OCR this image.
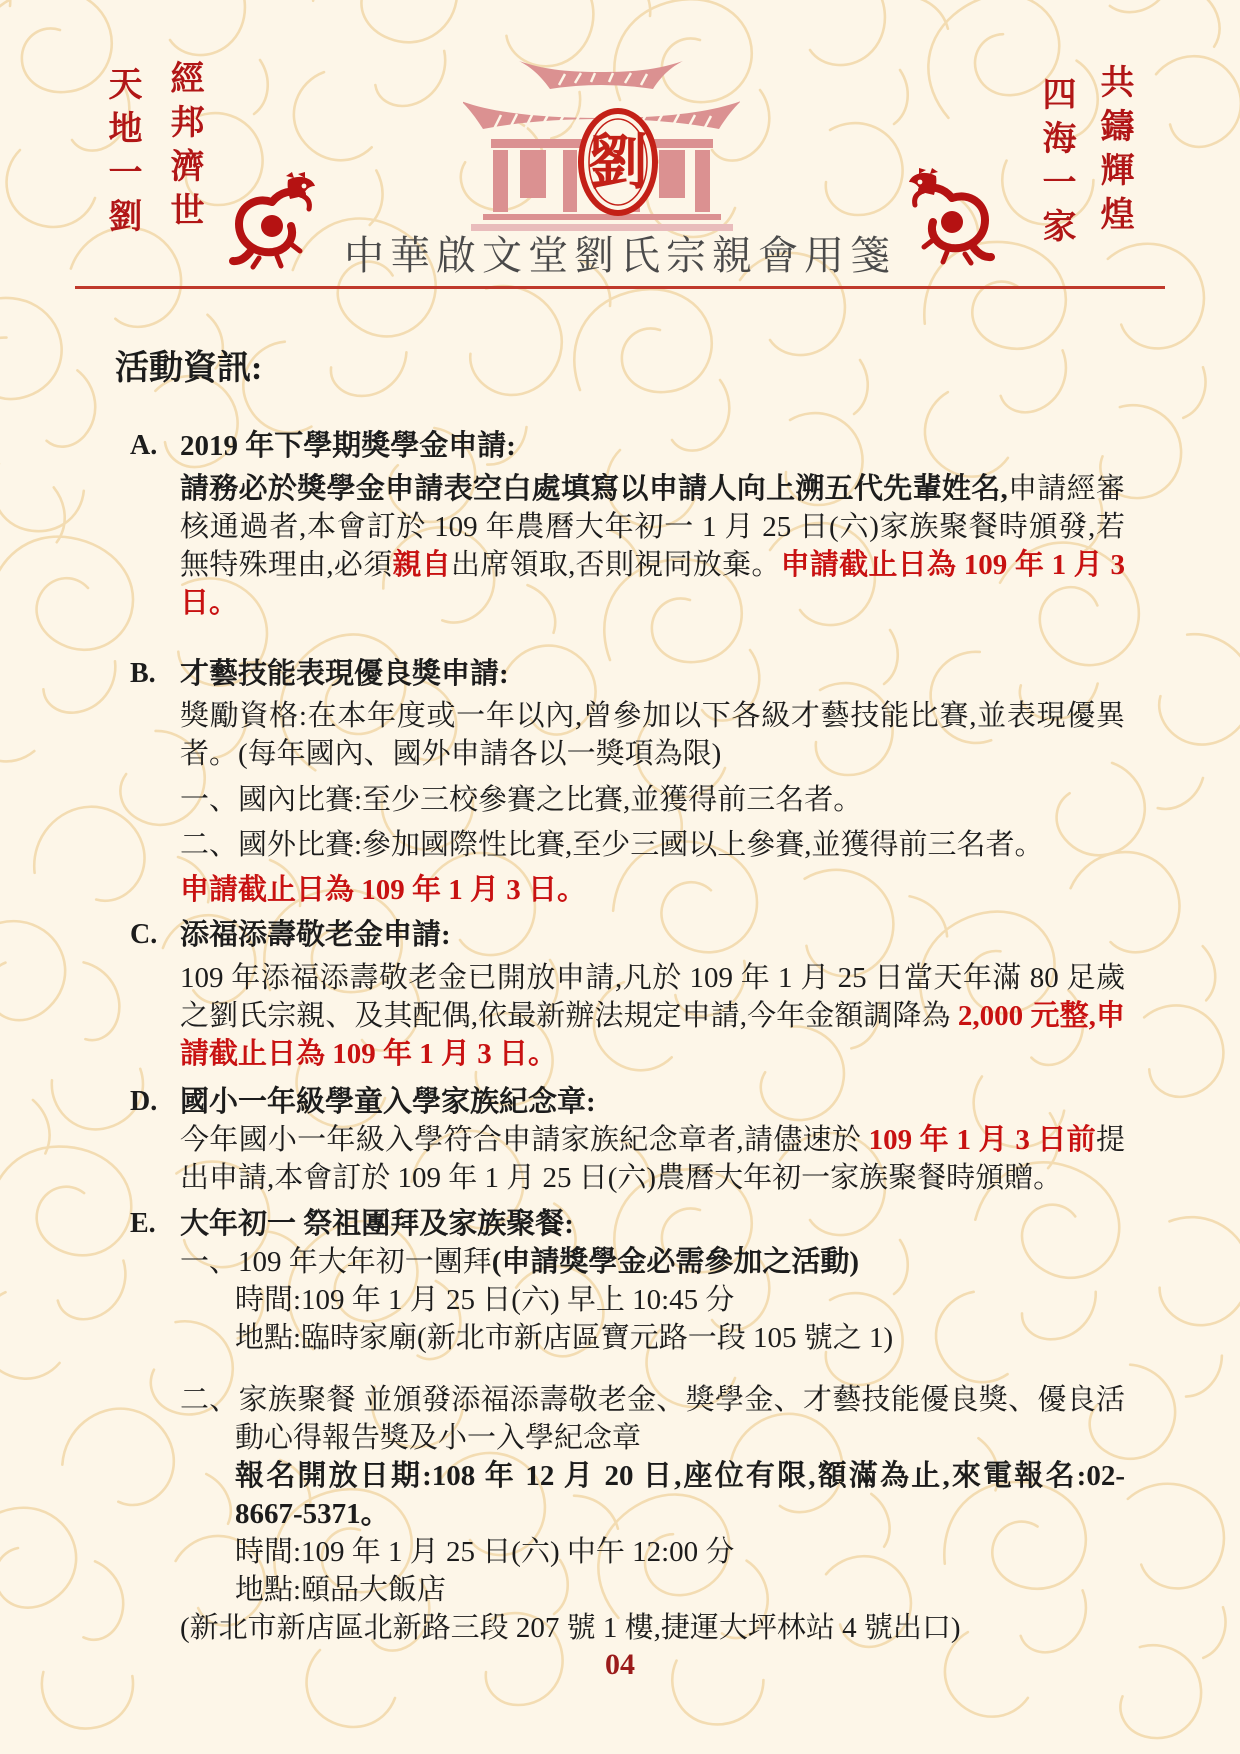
天地一劉 經邦濟世	四海一家 共鑄輝煌
劉
中華啟文堂劉氏宗親會用箋
活動資訊:
A. 2019 年下學期獎學金申請:
請務必於獎學金申請表空白處填寫以申請人向上溯五代先輩姓名,申請經審核通過者,本會訂於 109 年農曆大年初一 1 月 25 日(六)家族聚餐時頒發,若無特殊理由,必須親自出席領取,否則視同放棄。申請截止日為 109 年 1 月 3 日。
B. 才藝技能表現優良獎申請:
獎勵資格:在本年度或一年以內,曾參加以下各級才藝技能比賽,並表現優異者。(每年國內、國外申請各以一獎項為限)
一、國內比賽:至少三校參賽之比賽,並獲得前三名者。
二、國外比賽:參加國際性比賽,至少三國以上參賽,並獲得前三名者。
申請截止日為 109 年 1 月 3 日。
C. 添福添壽敬老金申請:
109 年添福添壽敬老金已開放申請,凡於 109 年 1 月 25 日當天年滿 80 足歲之劉氏宗親、及其配偶,依最新辦法規定申請,今年金額調降為 2,000 元整,申請截止日為 109 年 1 月 3 日。
D. 國小一年級學童入學家族紀念章:
今年國小一年級入學符合申請家族紀念章者,請儘速於 109 年 1 月 3 日前提出申請,本會訂於 109 年 1 月 25 日(六)農曆大年初一家族聚餐時頒贈。
E. 大年初一 祭祖團拜及家族聚餐:
一、109 年大年初一團拜(申請獎學金必需參加之活動)
時間:109 年 1 月 25 日(六) 早上 10:45 分
地點:臨時家廟(新北市新店區寶元路一段 105 號之 1)
二、家族聚餐 並頒發添福添壽敬老金、獎學金、才藝技能優良獎、優良活動心得報告獎及小一入學紀念章
報名開放日期:108 年 12 月 20 日,座位有限,額滿為止,來電報名:02-8667-5371。
時間:109 年 1 月 25 日(六) 中午 12:00 分
地點:頤品大飯店
(新北市新店區北新路三段 207 號 1 樓,捷運大坪林站 4 號出口)
04
